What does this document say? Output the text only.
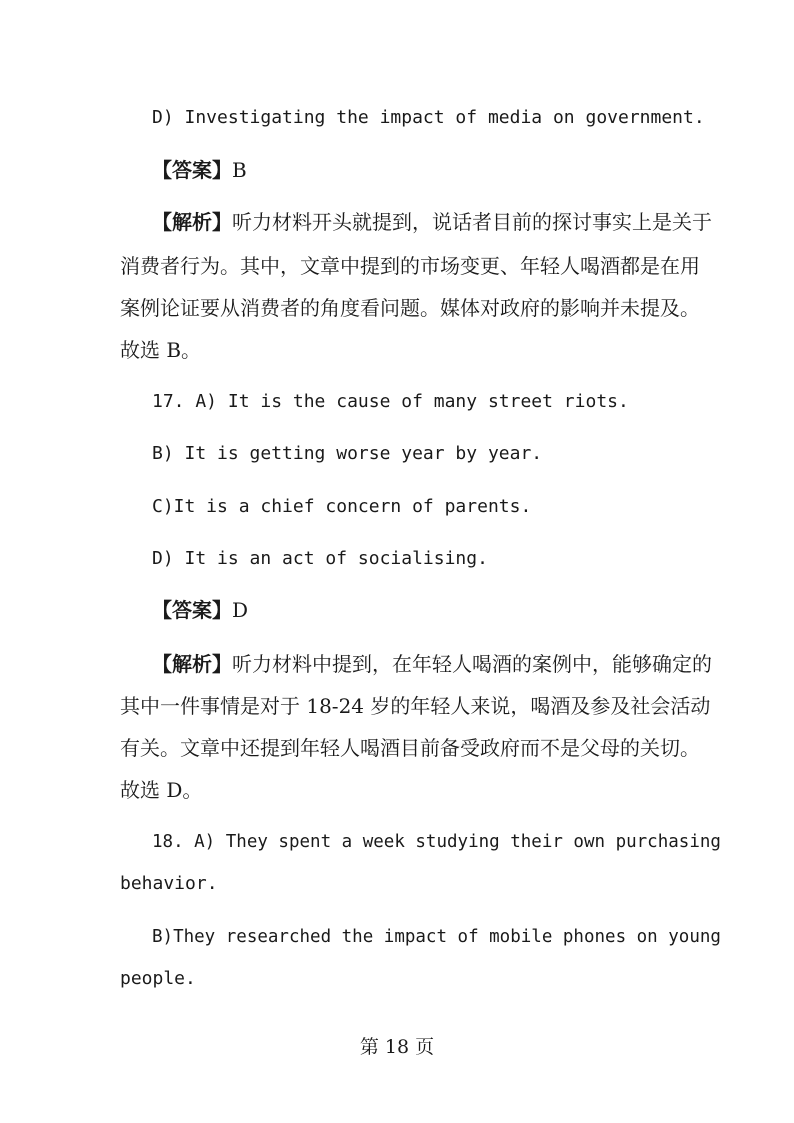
D) Investigating the impact of media on government.
【答案】B
【解析】听力材料开头就提到，说话者目前的探讨事实上是关于
消费者行为。其中，文章中提到的市场变更、年轻人喝酒都是在用
案例论证要从消费者的角度看问题。媒体对政府的影响并未提及。
故选 B。
17. A) It is the cause of many street riots.
B) It is getting worse year by year.
C)It is a chief concern of parents.
D) It is an act of socialising.
【答案】D
【解析】听力材料中提到，在年轻人喝酒的案例中，能够确定的
其中一件事情是对于 18-24 岁的年轻人来说，喝酒及参及社会活动
有关。文章中还提到年轻人喝酒目前备受政府而不是父母的关切。
故选 D。
18. A) They spent a week studying their own purchasing
behavior.
B)They researched the impact of mobile phones on young
people.
第 18 页
